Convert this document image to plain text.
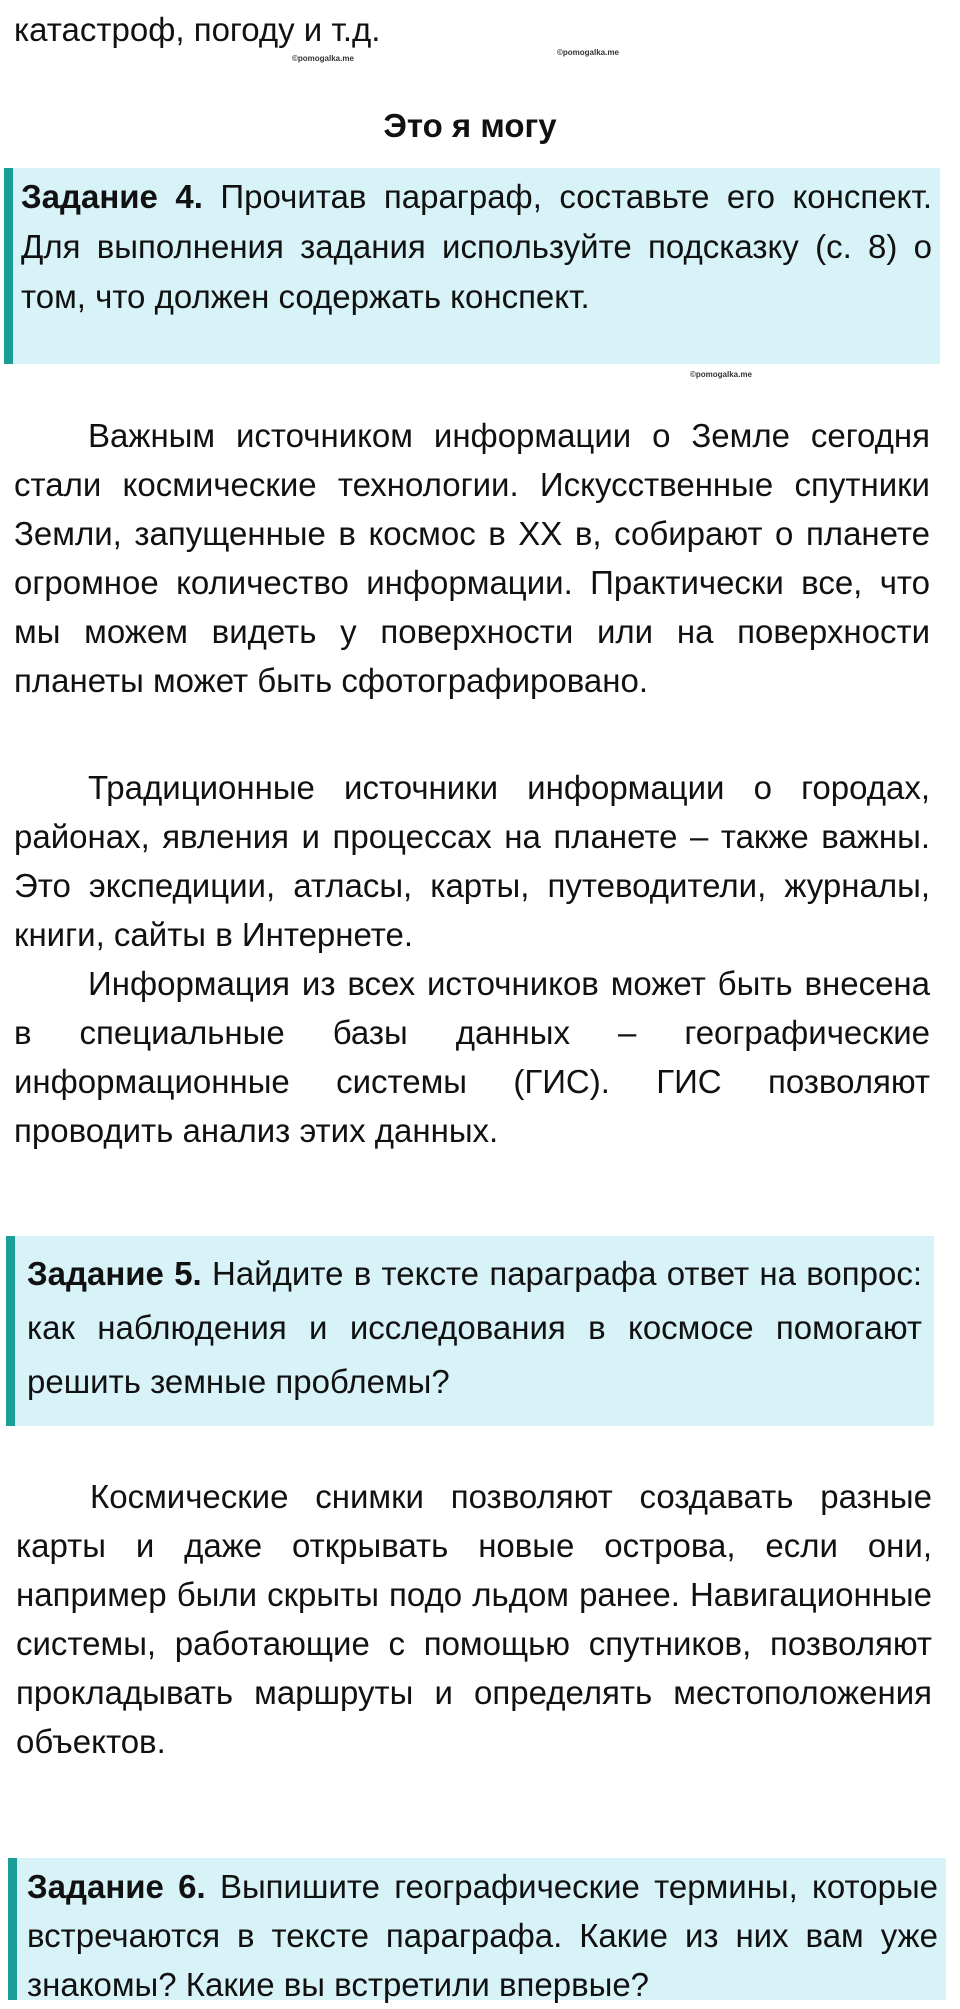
катастроф, погоду и т.д.
©pomogalka.me
©pomogalka.me
Это я могу
Задание 4. Прочитав параграф, составьте его конспект. Для выполнения задания используйте подсказку (с. 8) о том, что должен содержать конспект.
©pomogalka.me

Важным источником информации о Земле сегодня стали космические технологии. Искусственные спутники Земли, запущенные в космос в XX в, собирают о планете огромное количество информации. Практически все, что мы можем видеть у поверхности или на поверхности планеты может быть сфотографировано.

Традиционные источники информации о городах, районах, явления и процессах на планете – также важны. Это экспедиции, атласы, карты, путеводители, журналы, книги, сайты в Интернете.

Информация из всех источников может быть внесена в специальные базы данных – географические информационные системы (ГИС). ГИС позволяют проводить анализ этих данных.

Задание 5. Найдите в тексте параграфа ответ на вопрос: как наблюдения и исследования в космосе помогают решить земные проблемы?

Космические снимки позволяют создавать разные карты и даже открывать новые острова, если они, например были скрыты подо льдом ранее. Навигационные системы, работающие с помощью спутников, позволяют прокладывать маршруты и определять местоположения объектов.

Задание 6. Выпишите географические термины, которые встречаются в тексте параграфа. Какие из них вам уже знакомы? Какие вы встретили впервые?
